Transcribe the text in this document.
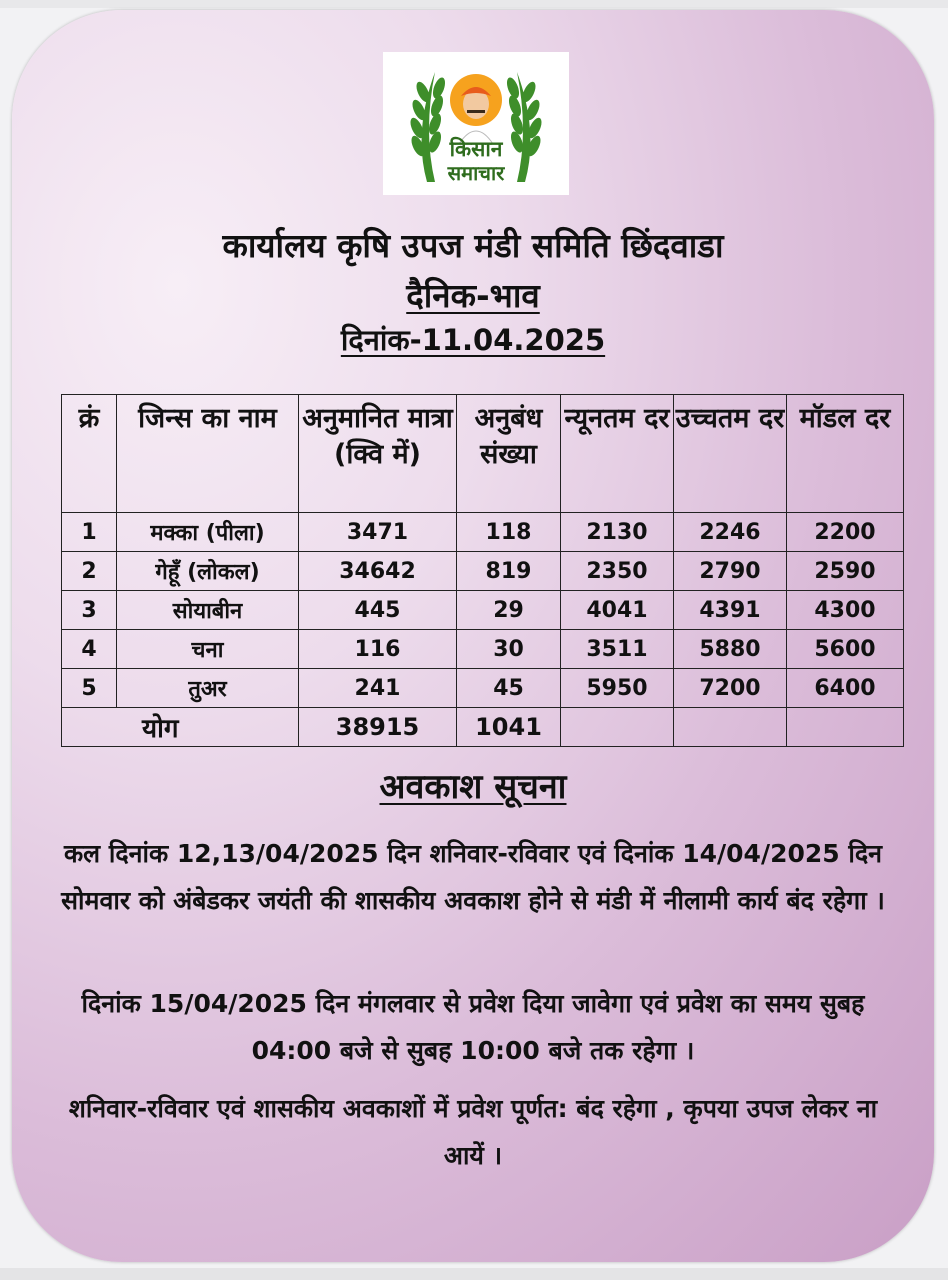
किसान
समाचार
कार्यालय कृषि उपज मंडी समिति छिंदवाडा
दैनिक-भाव
दिनांक-11.04.2025
क्रं	जिन्स का नाम	अनुमानित मात्रा (क्वि में)	अनुबंध संख्या	न्यूनतम दर	उच्चतम दर	मॉडल दर
1	मक्का (पीला)	3471	118	2130	2246	2200
2	गेहूँ (लोकल)	34642	819	2350	2790	2590
3	सोयाबीन	445	29	4041	4391	4300
4	चना	116	30	3511	5880	5600
5	तुअर	241	45	5950	7200	6400
योग		38915	1041			
अवकाश सूचना
कल दिनांक 12,13/04/2025 दिन शनिवार-रविवार एवं दिनांक 14/04/2025 दिन सोमवार को अंबेडकर जयंती की शासकीय अवकाश होने से मंडी में नीलामी कार्य बंद रहेगा ।
दिनांक 15/04/2025 दिन मंगलवार से प्रवेश दिया जावेगा एवं प्रवेश का समय सुबह 04:00 बजे से सुबह 10:00 बजे तक रहेगा ।
शनिवार-रविवार एवं शासकीय अवकाशों में प्रवेश पूर्णत: बंद रहेगा , कृपया उपज लेकर ना आयें ।
